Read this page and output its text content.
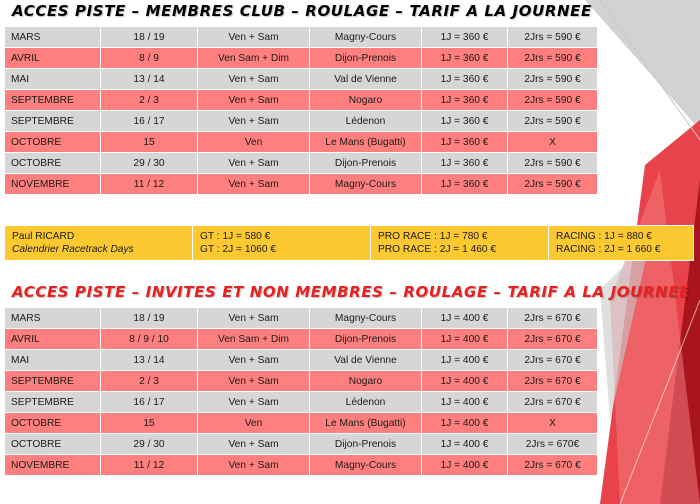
ACCES PISTE – MEMBRES CLUB – ROULAGE – TARIF A LA JOURNEE
MARS	18 / 19	Ven + Sam	Magny-Cours	1J = 360 €	2Jrs = 590 €
AVRIL	8 / 9	Ven Sam + Dim	Dijon-Prenois	1J = 360 €	2Jrs = 590 €
MAI	13 / 14	Ven + Sam	Val de Vienne	1J = 360 €	2Jrs = 590 €
SEPTEMBRE	2 / 3	Ven + Sam	Nogaro	1J = 360 €	2Jrs = 590 €
SEPTEMBRE	16 / 17	Ven + Sam	Lédenon	1J = 360 €	2Jrs = 590 €
OCTOBRE	15	Ven	Le Mans (Bugatti)	1J = 360 €	X
OCTOBRE	29 / 30	Ven + Sam	Dijon-Prenois	1J = 360 €	2Jrs = 590 €
NOVEMBRE	11 / 12	Ven + Sam	Magny-Cours	1J = 360 €	2Jrs = 590 €
Paul RICARD
Calendrier Racetrack Days

GT : 1J = 580 €
GT : 2J = 1060 €

PRO RACE : 1J = 780 €
PRO RACE : 2J = 1 460 €

RACING : 1J = 880 €
RACING : 2J = 1 660 €
ACCES PISTE – INVITES ET NON MEMBRES – ROULAGE – TARIF A LA JOURNEE
MARS	18 / 19	Ven + Sam	Magny-Cours	1J = 400 €	2Jrs = 670 €
AVRIL	8 / 9 / 10	Ven Sam + Dim	Dijon-Prenois	1J = 400 €	2Jrs = 670 €
MAI	13 / 14	Ven + Sam	Val de Vienne	1J = 400 €	2Jrs = 670 €
SEPTEMBRE	2 / 3	Ven + Sam	Nogaro	1J = 400 €	2Jrs = 670 €
SEPTEMBRE	16 / 17	Ven + Sam	Lédenon	1J = 400 €	2Jrs = 670 €
OCTOBRE	15	Ven	Le Mans (Bugatti)	1J = 400 €	X
OCTOBRE	29 / 30	Ven + Sam	Dijon-Prenois	1J = 400 €	2Jrs = 670€
NOVEMBRE	11 / 12	Ven + Sam	Magny-Cours	1J = 400 €	2Jrs = 670 €
